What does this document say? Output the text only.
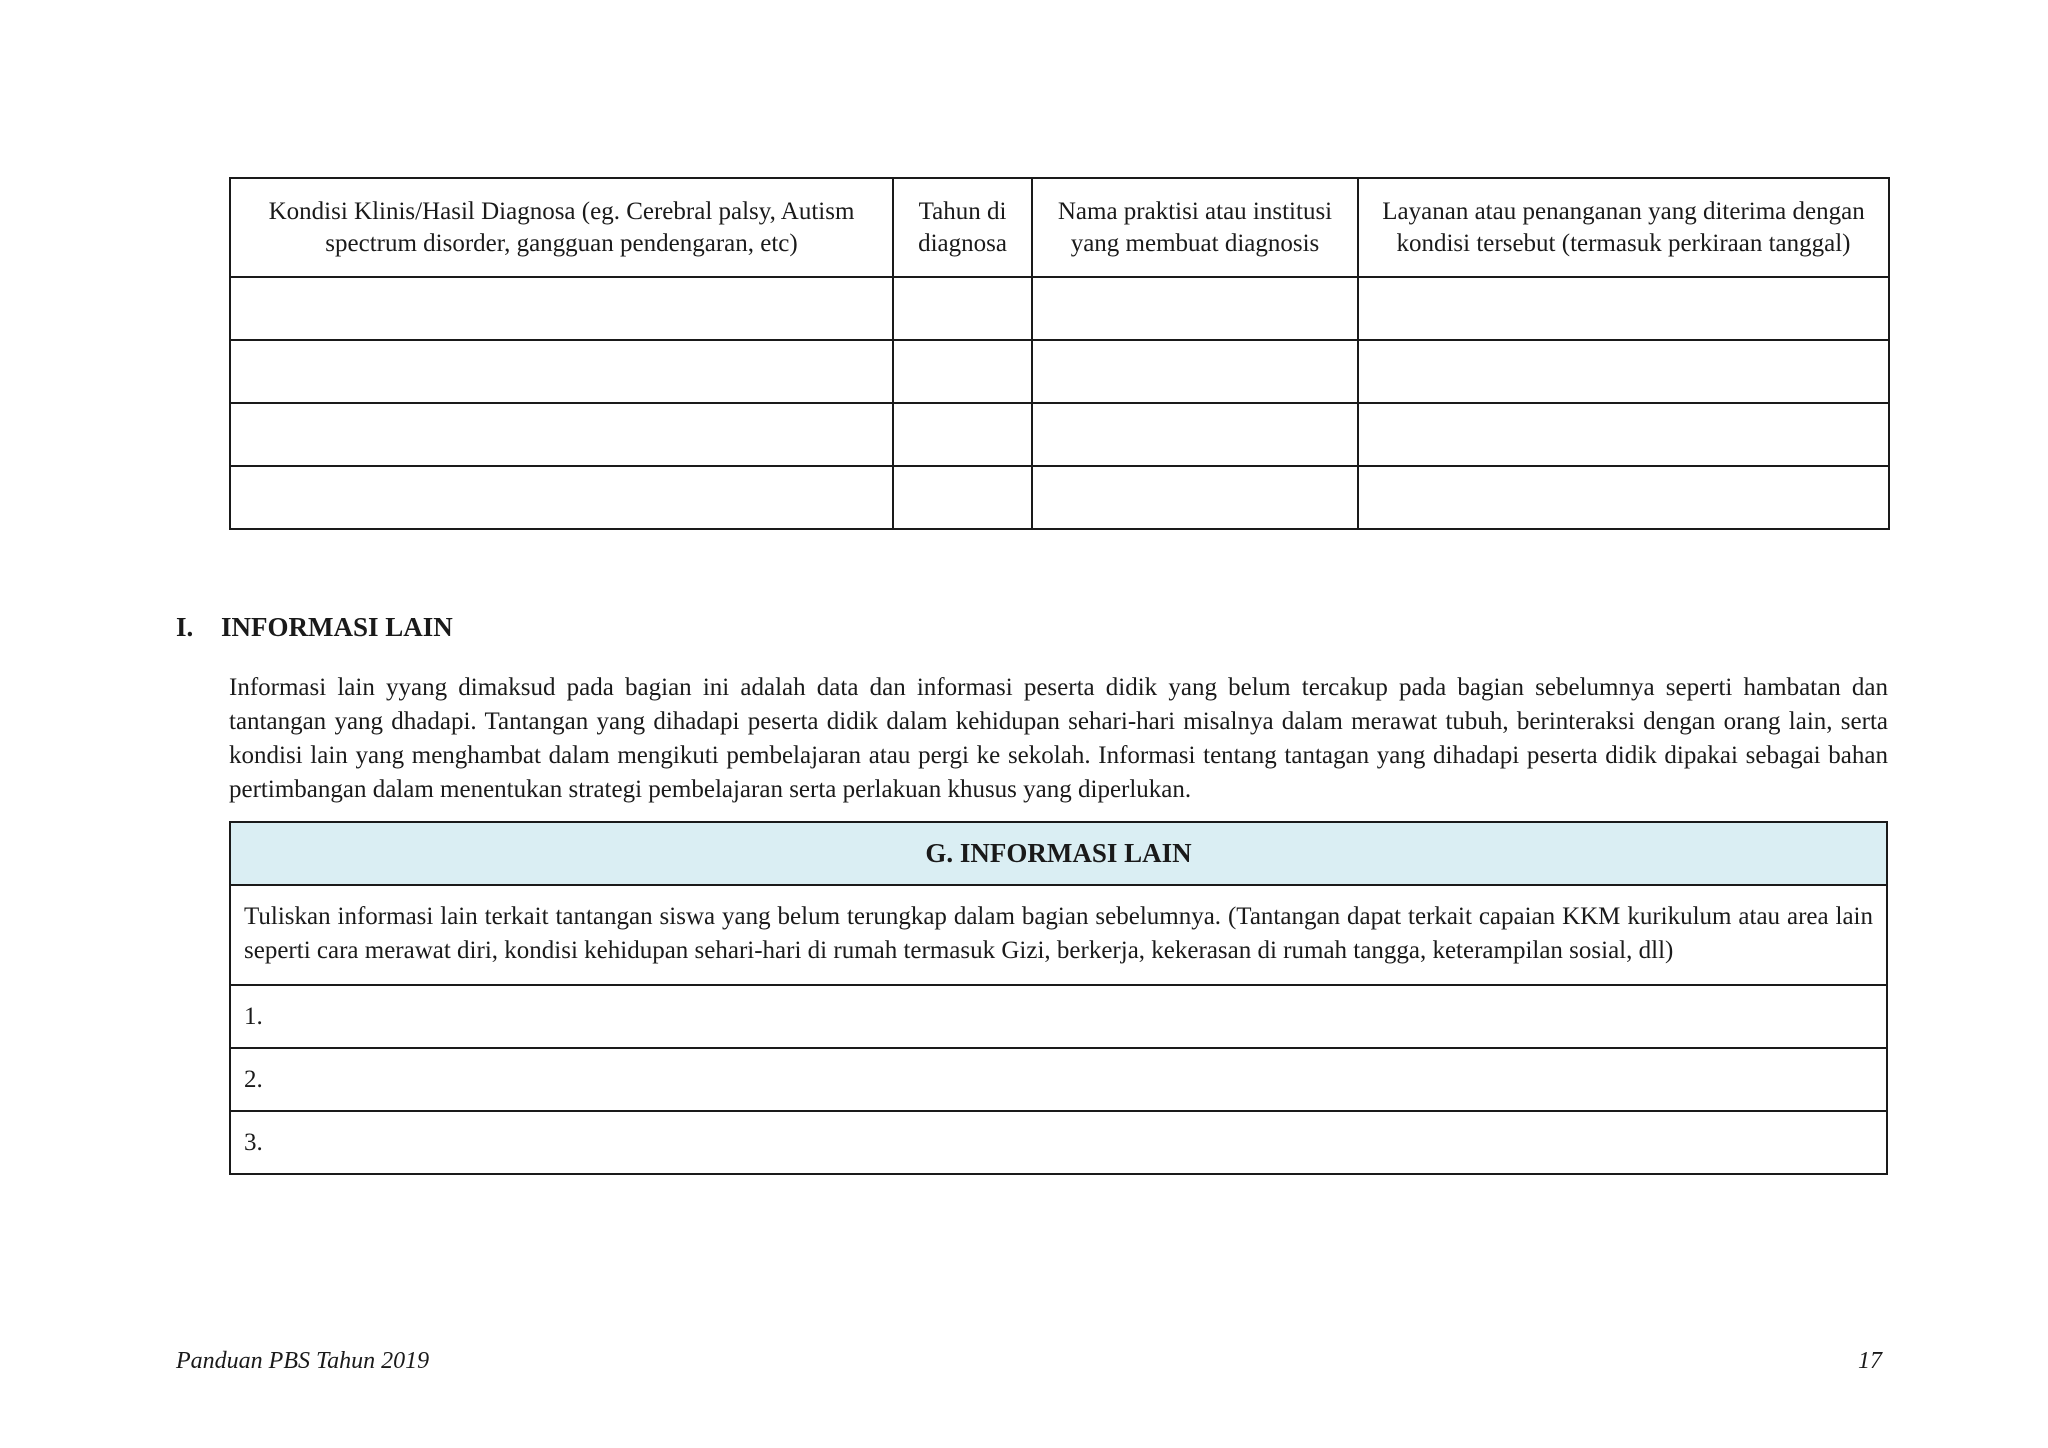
Kondisi Klinis/Hasil Diagnosa (eg. Cerebral palsy, Autism spectrum disorder, gangguan pendengaran, etc)	Tahun di diagnosa	Nama praktisi atau institusi yang membuat diagnosis	Layanan atau penanganan yang diterima dengan kondisi tersebut (termasuk perkiraan tanggal)

I. INFORMASI LAIN

Informasi lain yyang dimaksud pada bagian ini adalah data dan informasi peserta didik yang belum tercakup pada bagian sebelumnya seperti hambatan dan tantangan yang dhadapi. Tantangan yang dihadapi peserta didik dalam kehidupan sehari-hari misalnya dalam merawat tubuh, berinteraksi dengan orang lain, serta kondisi lain yang menghambat dalam mengikuti pembelajaran atau pergi ke sekolah. Informasi tentang tantagan yang dihadapi peserta didik dipakai sebagai bahan pertimbangan dalam menentukan strategi pembelajaran serta perlakuan khusus yang diperlukan.

G. INFORMASI LAIN
Tuliskan informasi lain terkait tantangan siswa yang belum terungkap dalam bagian sebelumnya. (Tantangan dapat terkait capaian KKM kurikulum atau area lain seperti cara merawat diri, kondisi kehidupan sehari-hari di rumah termasuk Gizi, berkerja, kekerasan di rumah tangga, keterampilan sosial, dll)
1.
2.
3.
Panduan PBS Tahun 2019	17
